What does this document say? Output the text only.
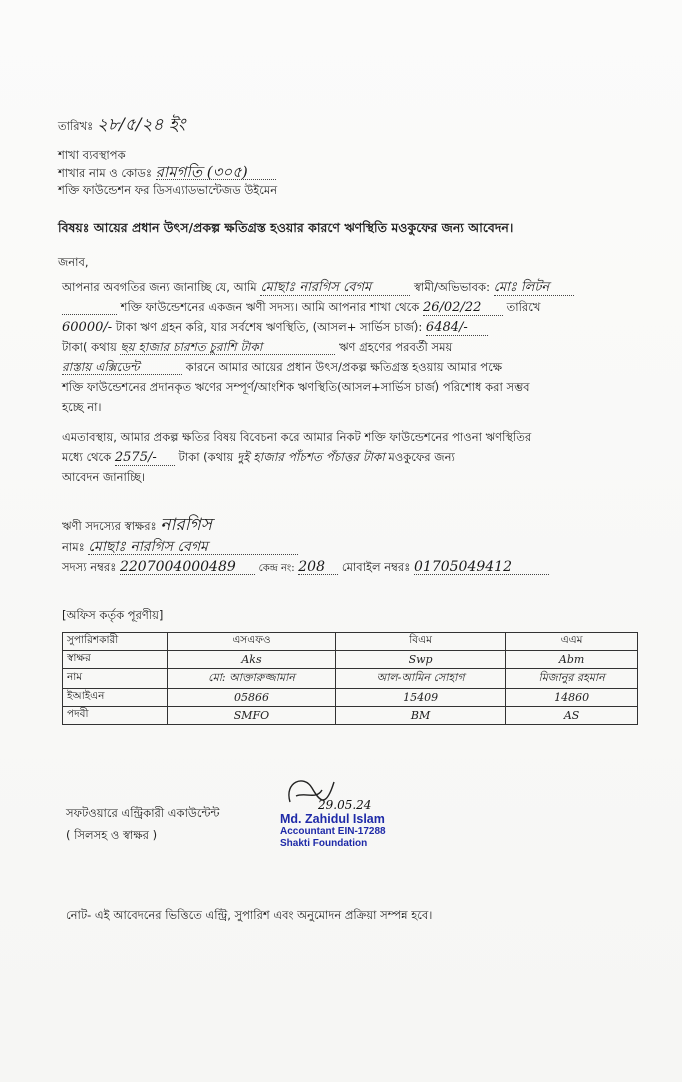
তারিখঃ ২৮/৫/২৪ ইং
শাখা ব্যবস্থাপক
শাখার নাম ও কোডঃ রামগতি (৩০৫)
শক্তি ফাউন্ডেশন ফর ডিসএ্যাডভান্টেজড উইমেন
বিষয়ঃ আয়ের প্রধান উৎস/প্রকল্প ক্ষতিগ্রস্ত হওয়ার কারণে ঋণস্থিতি মওকুফের জন্য আবেদন।
জনাব,
আপনার অবগতির জন্য জানাচ্ছি যে, আমি মোছাঃ নারগিস বেগম	স্বামী/অভিভাবক: মোঃ লিটন
শক্তি ফাউন্ডেশনের একজন ঋণী সদস্য। আমি আপনার শাখা থেকে 26/02/22 তারিখে
60000/- টাকা ঋণ গ্রহন করি, যার সর্বশেষ ঋণস্থিতি, (আসল+ সার্ভিস চার্জ): 6484/-
টাকা( কথায় ছয় হাজার চারশত চুরাশি টাকা	ঋণ গ্রহণের পরবর্তী সময়
রাস্তায় এক্সিডেন্ট	কারনে আমার আয়ের প্রধান উৎস/প্রকল্প ক্ষতিগ্রস্ত হওয়ায় আমার পক্ষে
শক্তি ফাউন্ডেশনের প্রদানকৃত ঋণের সম্পূর্ণ/আংশিক ঋণস্থিতি(আসল+সার্ভিস চার্জ) পরিশোধ করা সম্ভব
হচ্ছে না।
এমতাবস্থায়, আমার প্রকল্প ক্ষতির বিষয় বিবেচনা করে আমার নিকট শক্তি ফাউন্ডেশনের পাওনা ঋণস্থিতির
মধ্যে থেকে 2575/- টাকা (কথায় দুই হাজার পাঁচশত পঁচাত্তর টাকা মওকুফের জন্য
আবেদন জানাচ্ছি।
ঋণী সদস্যের স্বাক্ষরঃ নারগিস
নামঃ মোছাঃ নারগিস বেগম
সদস্য নম্বরঃ 2207004000489 কেন্দ্র নং: 208 মোবাইল নম্বরঃ 01705049412
[অফিস কর্তৃক পূরণীয়]
সুপারিশকারী	এসএফও	বিএম	এএম
স্বাক্ষর	Aks	Swp	Abm
নাম	মো: আক্তারুজ্জামান	আল-আমিন সোহাগ	মিজানুর রহমান
ইআইএন	05866	15409	14860
পদবী	SMFO	BM	AS
সফটওয়ারে এন্ট্রিকারী একাউন্টেন্ট
( সিলসহ ও স্বাক্ষর )
29.05.24
Md. Zahidul Islam
Accountant EIN-17288
Shakti Foundation
নোট- এই আবেদনের ভিত্তিতে এন্ট্রি, সুপারিশ এবং অনুমোদন প্রক্রিয়া সম্পন্ন হবে।
